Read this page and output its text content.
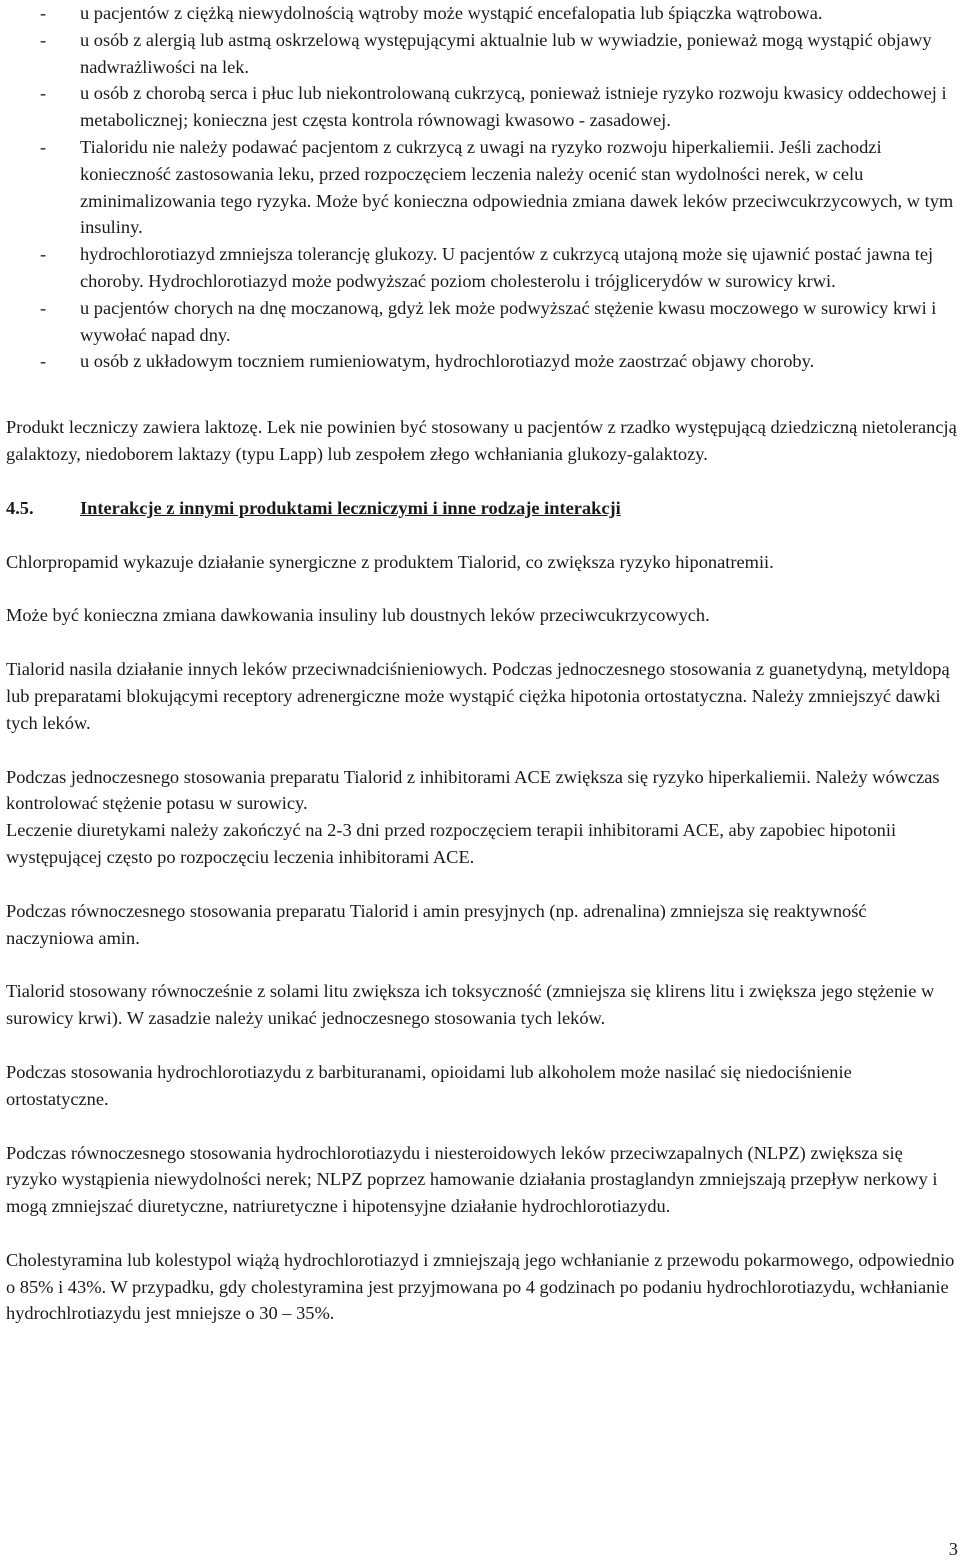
- u pacjentów z ciężką niewydolnością wątroby może wystąpić encefalopatia lub śpiączka wątrobowa.
- u osób z alergią lub astmą oskrzelową występującymi aktualnie lub w wywiadzie, ponieważ mogą wystąpić objawy nadwrażliwości na lek.
- u osób z chorobą serca i płuc lub niekontrolowaną cukrzycą, ponieważ istnieje ryzyko rozwoju kwasicy oddechowej i metabolicznej; konieczna jest częsta kontrola równowagi kwasowo - zasadowej.
- Tialoridu nie należy podawać pacjentom z cukrzycą z uwagi na ryzyko rozwoju hiperkaliemii. Jeśli zachodzi konieczność zastosowania leku, przed rozpoczęciem leczenia należy ocenić stan wydolności nerek, w celu zminimalizowania tego ryzyka. Może być konieczna odpowiednia zmiana dawek leków przeciwcukrzycowych, w tym insuliny.
- hydrochlorotiazyd zmniejsza tolerancję glukozy. U pacjentów z cukrzycą utajoną może się ujawnić postać jawna tej choroby. Hydrochlorotiazyd może podwyższać poziom cholesterolu i trójglicerydów w surowicy krwi.
- u pacjentów chorych na dnę moczanową, gdyż lek może podwyższać stężenie kwasu moczowego w surowicy krwi i wywołać napad dny.
- u osób z układowym toczniem rumieniowatym, hydrochlorotiazyd może zaostrzać objawy choroby.

Produkt leczniczy zawiera laktozę. Lek nie powinien być stosowany u pacjentów z rzadko występującą dziedziczną nietolerancją galaktozy, niedoborem laktazy (typu Lapp) lub zespołem złego wchłaniania glukozy-galaktozy.

4.5.	Interakcje z innymi produktami leczniczymi i inne rodzaje interakcji

Chlorpropamid wykazuje działanie synergiczne z produktem Tialorid, co zwiększa ryzyko hiponatremii.

Może być konieczna zmiana dawkowania insuliny lub doustnych leków przeciwcukrzycowych.

Tialorid nasila działanie innych leków przeciwnadciśnieniowych. Podczas jednoczesnego stosowania z guanetydyną, metyldopą lub preparatami blokującymi receptory adrenergiczne może wystąpić ciężka hipotonia ortostatyczna. Należy zmniejszyć dawki tych leków.

Podczas jednoczesnego stosowania preparatu Tialorid z inhibitorami ACE zwiększa się ryzyko hiperkaliemii. Należy wówczas kontrolować stężenie potasu w surowicy.

Leczenie diuretykami należy zakończyć na 2-3 dni przed rozpoczęciem terapii inhibitorami ACE, aby zapobiec hipotonii występującej często po rozpoczęciu leczenia inhibitorami ACE.

Podczas równoczesnego stosowania preparatu Tialorid i amin presyjnych (np. adrenalina) zmniejsza się reaktywność naczyniowa amin.

Tialorid stosowany równocześnie z solami litu zwiększa ich toksyczność (zmniejsza się klirens litu i zwiększa jego stężenie w surowicy krwi). W zasadzie należy unikać jednoczesnego stosowania tych leków.

Podczas stosowania hydrochlorotiazydu z barbituranami, opioidami lub alkoholem może nasilać się niedociśnienie ortostatyczne.

Podczas równoczesnego stosowania hydrochlorotiazydu i niesteroidowych leków przeciwzapalnych (NLPZ) zwiększa się ryzyko wystąpienia niewydolności nerek; NLPZ poprzez hamowanie działania prostaglandyn zmniejszają przepływ nerkowy i mogą zmniejszać diuretyczne, natriuretyczne i hipotensyjne działanie hydrochlorotiazydu.

Cholestyramina lub kolestypol wiążą hydrochlorotiazyd i zmniejszają jego wchłanianie z przewodu pokarmowego, odpowiednio o 85% i 43%. W przypadku, gdy cholestyramina jest przyjmowana po 4 godzinach po podaniu hydrochlorotiazydu, wchłanianie hydrochlrotiazydu jest mniejsze o 30 – 35%.

3
